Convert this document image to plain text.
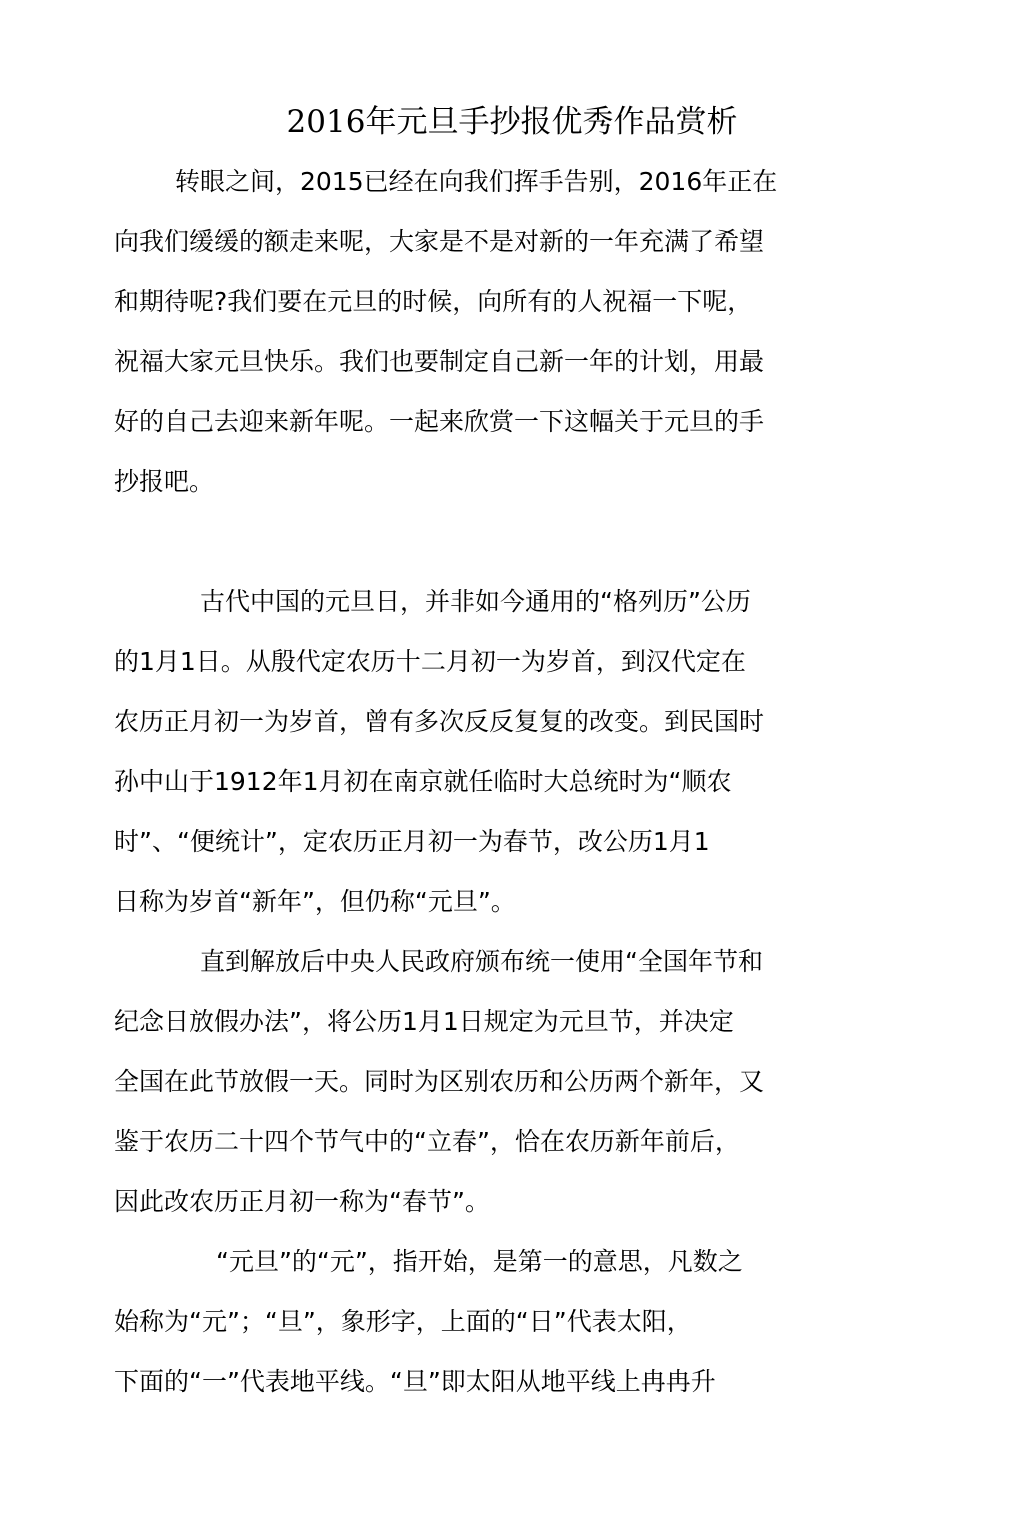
2016年元旦手抄报优秀作品赏析
转眼之间，2015已经在向我们挥手告别，2016年正在
向我们缓缓的额走来呢，大家是不是对新的一年充满了希望
和期待呢?我们要在元旦的时候，向所有的人祝福一下呢，
祝福大家元旦快乐。我们也要制定自己新一年的计划，用最
好的自己去迎来新年呢。一起来欣赏一下这幅关于元旦的手
抄报吧。
古代中国的元旦日，并非如今通用的“格列历”公历
的1月1日。从殷代定农历十二月初一为岁首，到汉代定在
农历正月初一为岁首，曾有多次反反复复的改变。到民国时
孙中山于1912年1月初在南京就任临时大总统时为“顺农
时”、“便统计”，定农历正月初一为春节，改公历1月1
日称为岁首“新年”，但仍称“元旦”。
直到解放后中央人民政府颁布统一使用“全国年节和
纪念日放假办法”，将公历1月1日规定为元旦节，并决定
全国在此节放假一天。同时为区别农历和公历两个新年，又
鉴于农历二十四个节气中的“立春”，恰在农历新年前后，
因此改农历正月初一称为“春节”。
“元旦”的“元”，指开始，是第一的意思，凡数之
始称为“元”；“旦”，象形字，上面的“日”代表太阳，
下面的“一”代表地平线。“旦”即太阳从地平线上冉冉升
